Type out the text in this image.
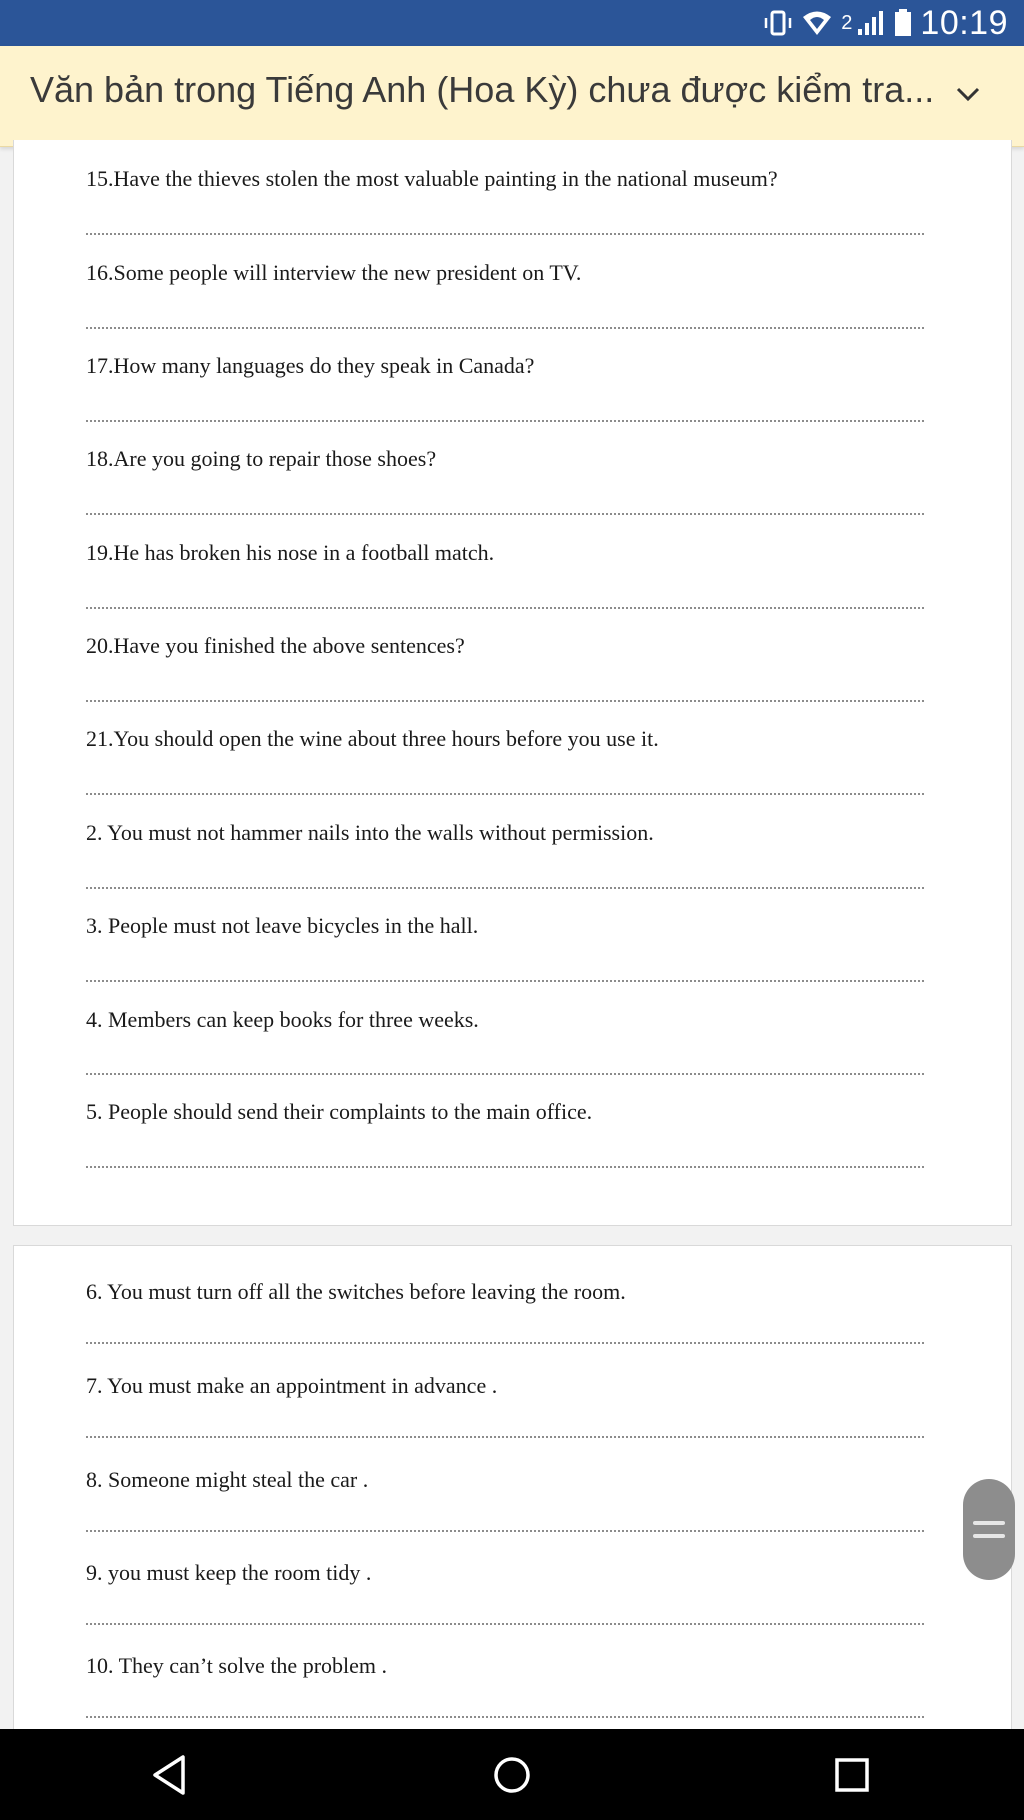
2 10:19
Văn bản trong Tiếng Anh (Hoa Kỳ) chưa được kiểm tra...
15.Have the thieves stolen the most valuable painting in the national museum?
16.Some people will interview the new president on TV.
17.How many languages do they speak in Canada?
18.Are you going to repair those shoes?
19.He has broken his nose in a football match.
20.Have you finished the above sentences?
21.You should open the wine about three hours before you use it.
2. You must not hammer nails into the walls without permission.
3. People must not leave bicycles in the hall.
4. Members can keep books for three weeks.
5. People should send their complaints to the main office.
6. You must turn off all the switches before leaving the room.
7. You must make an appointment in advance .
8. Someone might steal the car .
9. you must keep the room tidy .
10. They can’t solve the problem .
